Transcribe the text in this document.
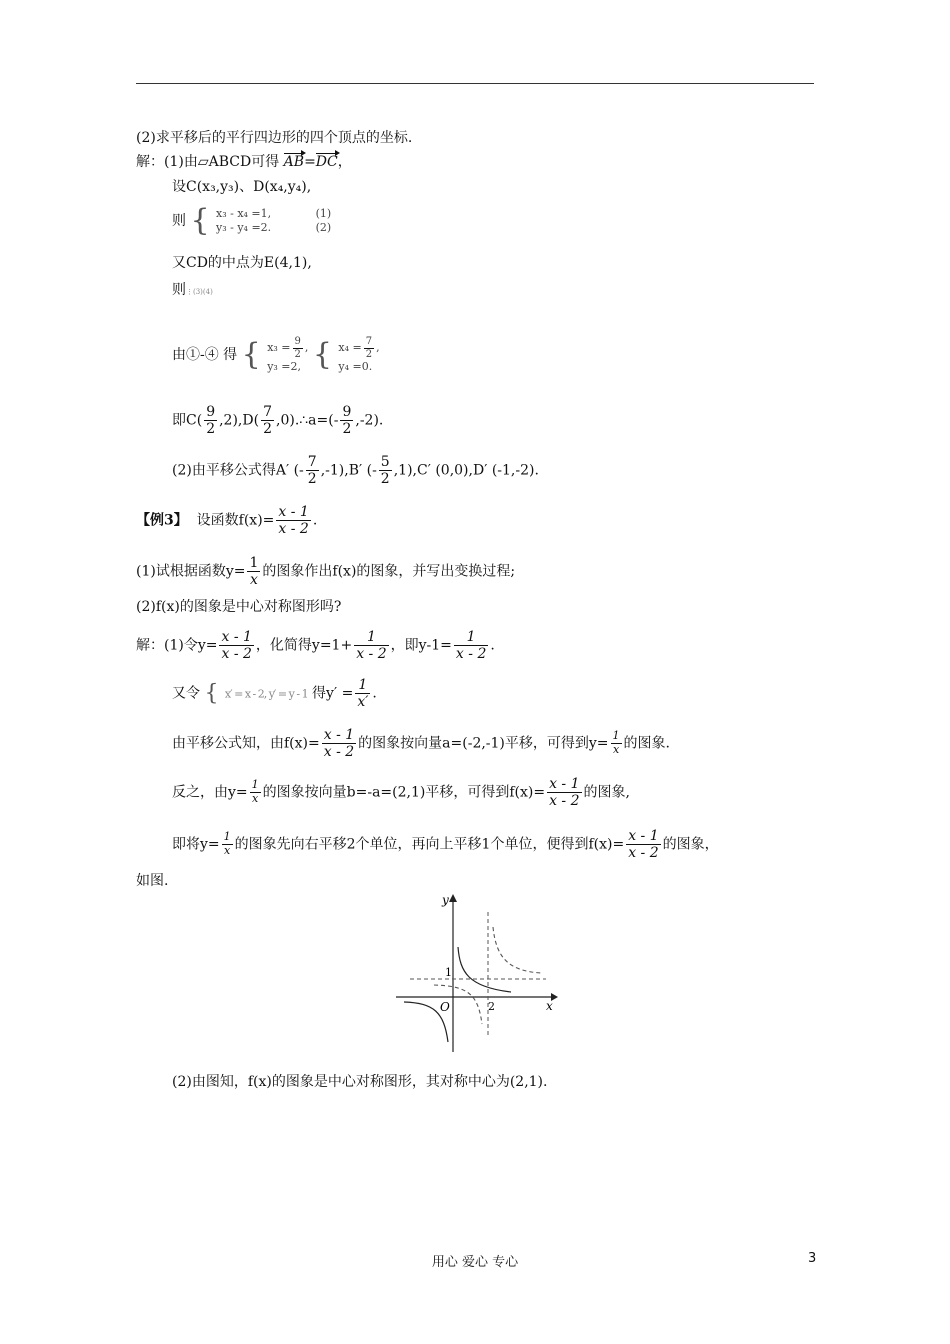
(2)求平移后的平行四边形的四个顶点的坐标.
解：(1)由▱ABCD可得 AB=DC，
设C(x₃,y₃)、D(x₄,y₄),
则 { x₃ - x₄ =1,
y₃ - y₄ =2.

(1)
(2)
又CD的中点为E(4,1),
则⋮(3)(4)
由①-④ 得 { $x_3 = \frac{9}{2}$ ,
y₃ =2, { $x_4 = \frac{7}{2}$ ,
y₄ =0.
即$C( \frac{9}{2} ,2),D( \frac{7}{2}$ ,0).∴a=(- $\frac{9}{2} ,-2$).
(2)由平移公式得A′ (- $\frac{7}{2} ,-1),B'$ (- $\frac{5}{2} ,1),C'$ (0,0),D′ (-1,-2).
【例3】 设函数$f(x)= \frac{x - 1}{x - 2}$ .
(1)试根据函数$y= \frac{1}{x}$ 的图象作出f(x)的图象，并写出变换过程;
(2)f(x)的图象是中心对称图形吗?
解：(1)令$y= \frac{x - 1}{x - 2}$ ，化简得$y=1+ \frac{1}{x - 2}$ ，即$y-1= \frac{1}{x - 2}$ .
又令 { x′ = x - 2, y′ = y - 1 得$y' = \frac{1}{x'}$ .
由平移公式知，由$f(x)= \frac{x - 1}{x - 2}$ 的图象按向量a=(-2,-1)平移，可得到$y= \frac{1}{x}$ 的图象.
反之，由$y= \frac{1}{x}$ 的图象按向量b=-a=(2,1)平移，可得到$f(x)= \frac{x - 1}{x - 2}$ 的图象,
即将$y= \frac{1}{x}$ 的图象先向右平移2个单位，再向上平移1个单位，便得到$f(x)= \frac{x - 1}{x - 2}$ 的图象，
如图.
y
x
O
1
2
(2)由图知，f(x)的图象是中心对称图形，其对称中心为(2,1).
用心 爱心 专心	3
